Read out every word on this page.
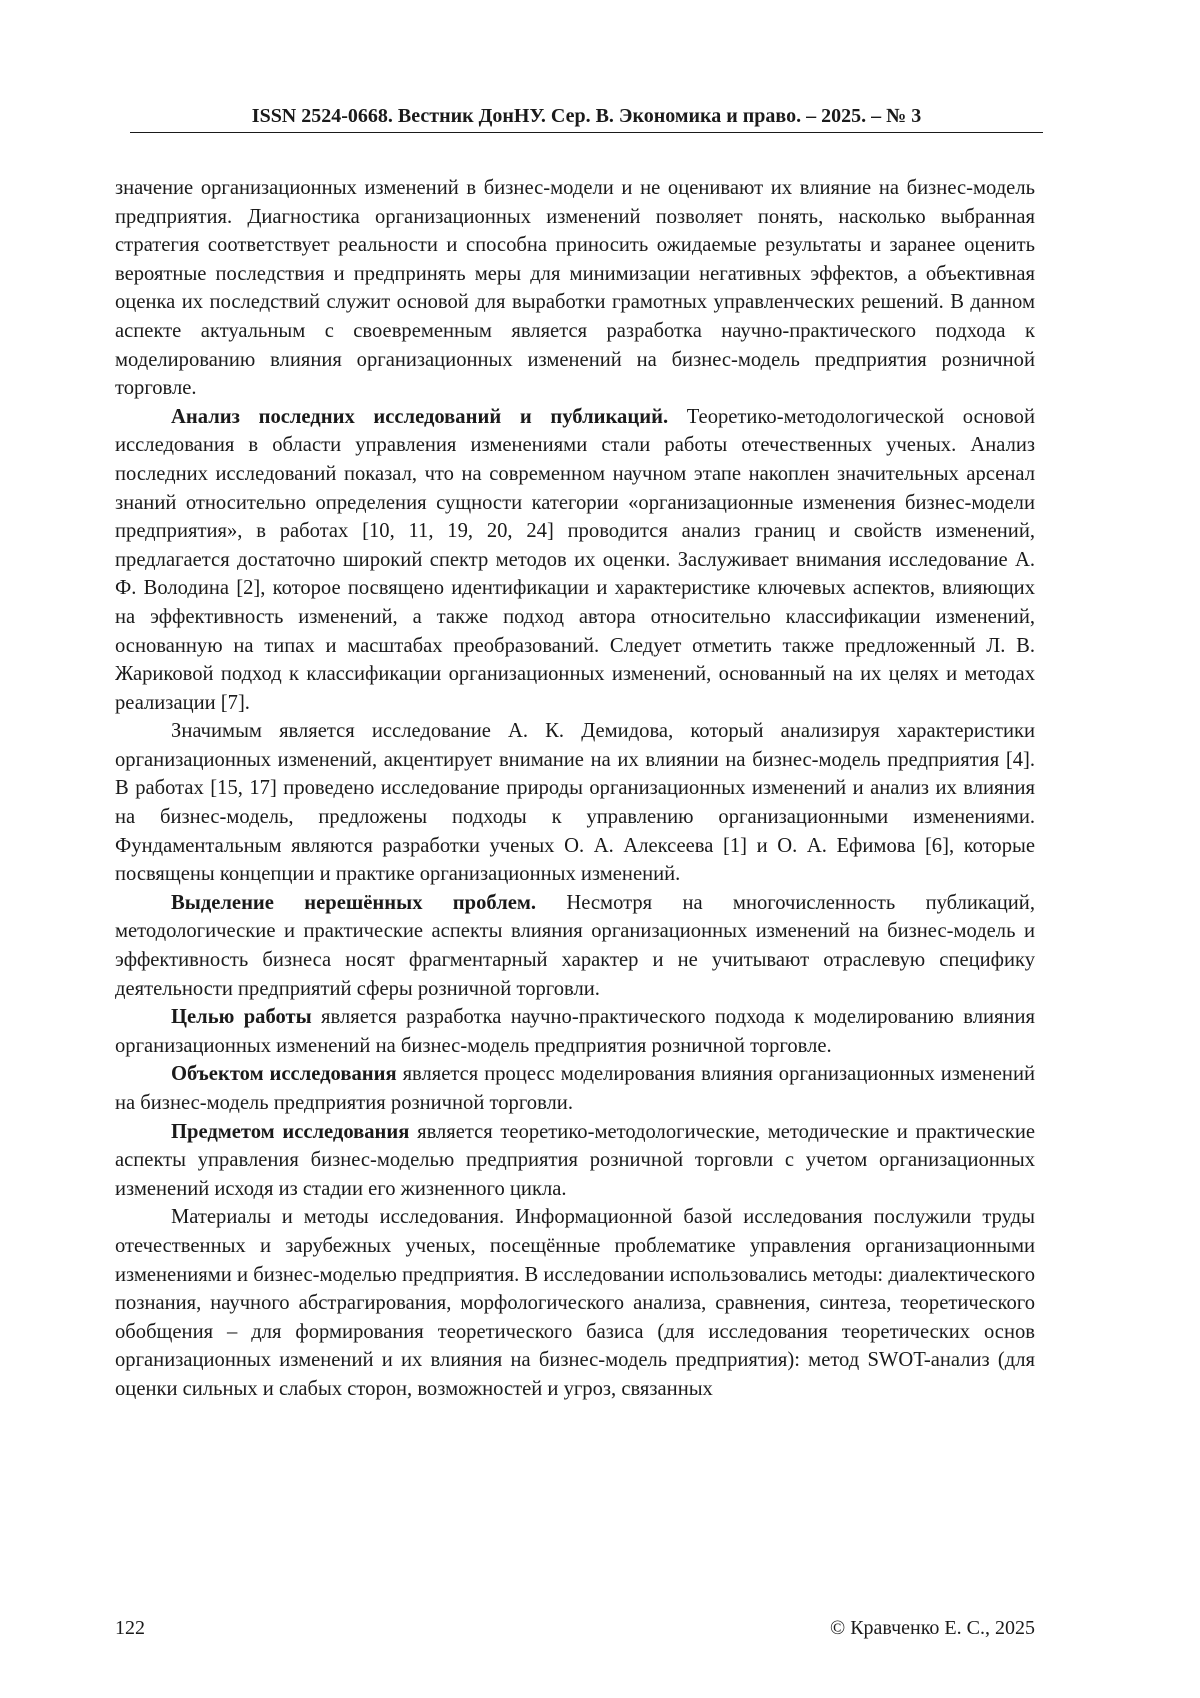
ISSN 2524-0668. Вестник ДонНУ. Сер. В. Экономика и право. – 2025. – № 3

значение организационных изменений в бизнес-модели и не оценивают их влияние на бизнес-модель предприятия. Диагностика организационных изменений позволяет понять, насколько выбранная стратегия соответствует реальности и способна приносить ожидаемые результаты и заранее оценить вероятные последствия и предпринять меры для минимизации негативных эффектов, а объективная оценка их последствий служит основой для выработки грамотных управленческих решений. В данном аспекте актуальным с своевременным является разработка научно-практического подхода к моделированию влияния организационных изменений на бизнес-модель предприятия розничной торговле.

Анализ последних исследований и публикаций. Теоретико-методологической основой исследования в области управления изменениями стали работы отечественных ученых. Анализ последних исследований показал, что на современном научном этапе накоплен значительных арсенал знаний относительно определения сущности категории «организационные изменения бизнес-модели предприятия», в работах [10, 11, 19, 20, 24] проводится анализ границ и свойств изменений, предлагается достаточно широкий спектр методов их оценки. Заслуживает внимания исследование А. Ф. Володина [2], которое посвящено идентификации и характеристике ключевых аспектов, влияющих на эффективность изменений, а также подход автора относительно классификации изменений, основанную на типах и масштабах преобразований. Следует отметить также предложенный Л. В. Жариковой подход к классификации организационных изменений, основанный на их целях и методах реализации [7].

Значимым является исследование А. К. Демидова, который анализируя характеристики организационных изменений, акцентирует внимание на их влиянии на бизнес-модель предприятия [4]. В работах [15, 17] проведено исследование природы организационных изменений и анализ их влияния на бизнес-модель, предложены подходы к управлению организационными изменениями. Фундаментальным являются разработки ученых О. А. Алексеева [1] и О. А. Ефимова [6], которые посвящены концепции и практике организационных изменений.

Выделение нерешённых проблем. Несмотря на многочисленность публикаций, методологические и практические аспекты влияния организационных изменений на бизнес-модель и эффективность бизнеса носят фрагментарный характер и не учитывают отраслевую специфику деятельности предприятий сферы розничной торговли.

Целью работы является разработка научно-практического подхода к моделированию влияния организационных изменений на бизнес-модель предприятия розничной торговле.

Объектом исследования является процесс моделирования влияния организационных изменений на бизнес-модель предприятия розничной торговли.

Предметом исследования является теоретико-методологические, методические и практические аспекты управления бизнес-моделью предприятия розничной торговли с учетом организационных изменений исходя из стадии его жизненного цикла.

Материалы и методы исследования. Информационной базой исследования послужили труды отечественных и зарубежных ученых, посещённые проблематике управления организационными изменениями и бизнес-моделью предприятия. В исследовании использовались методы: диалектического познания, научного абстрагирования, морфологического анализа, сравнения, синтеза, теоретического обобщения – для формирования теоретического базиса (для исследования теоретических основ организационных изменений и их влияния на бизнес-модель предприятия): метод SWOT-анализ (для оценки сильных и слабых сторон, возможностей и угроз, связанных

122	© Кравченко Е. С., 2025
